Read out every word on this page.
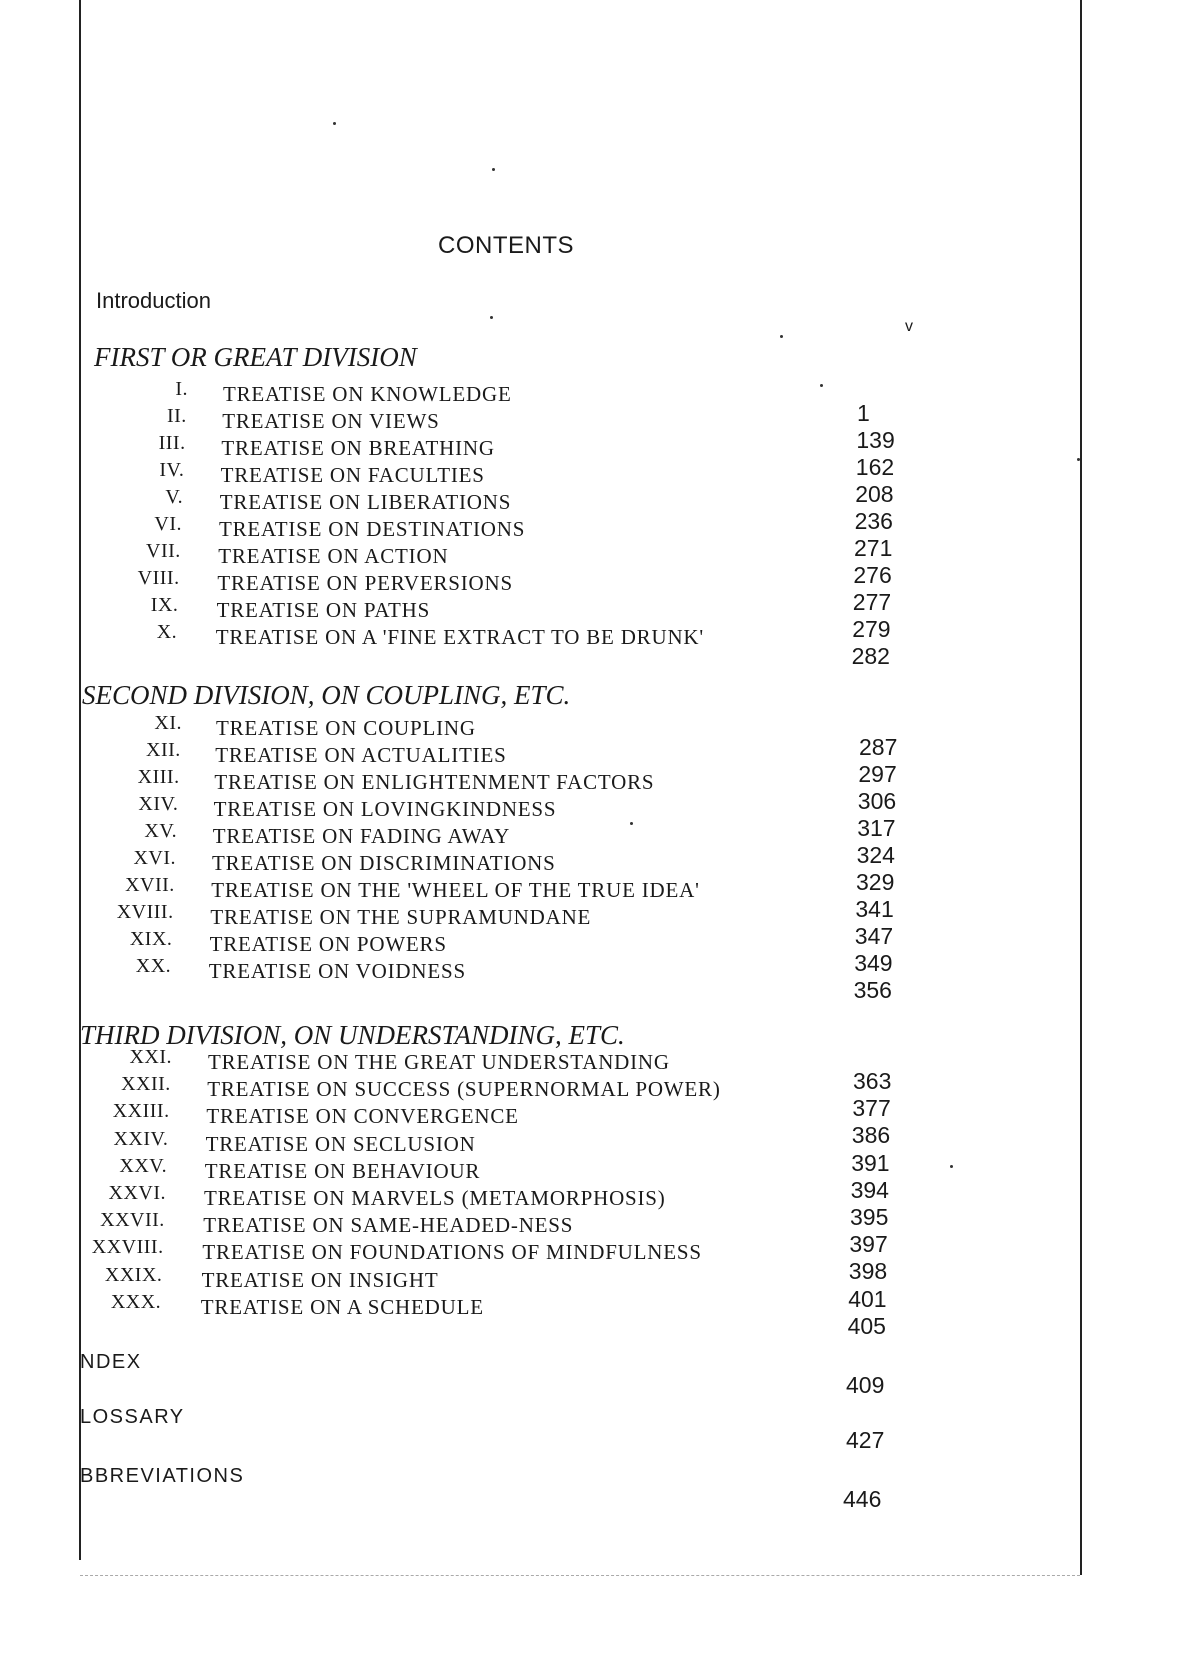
CONTENTS
Introduction
v
FIRST OR GREAT DIVISION
I. TREATISE ON KNOWLEDGE
1
II. TREATISE ON VIEWS
139
III. TREATISE ON BREATHING
162
IV. TREATISE ON FACULTIES
208
V. TREATISE ON LIBERATIONS
236
VI. TREATISE ON DESTINATIONS
271
VII. TREATISE ON ACTION
276
VIII. TREATISE ON PERVERSIONS
277
IX. TREATISE ON PATHS
279
X. TREATISE ON A 'FINE EXTRACT TO BE DRUNK'
282
SECOND DIVISION, ON COUPLING, ETC.
XI. TREATISE ON COUPLING
287
XII. TREATISE ON ACTUALITIES
297
XIII. TREATISE ON ENLIGHTENMENT FACTORS
306
XIV. TREATISE ON LOVINGKINDNESS
317
XV. TREATISE ON FADING AWAY
324
XVI. TREATISE ON DISCRIMINATIONS
329
XVII. TREATISE ON THE 'WHEEL OF THE TRUE IDEA'
341
XVIII. TREATISE ON THE SUPRAMUNDANE
347
XIX. TREATISE ON POWERS
349
XX. TREATISE ON VOIDNESS
356
THIRD DIVISION, ON UNDERSTANDING, ETC.
XXI. TREATISE ON THE GREAT UNDERSTANDING
363
XXII. TREATISE ON SUCCESS (SUPERNORMAL POWER)
377
XXIII. TREATISE ON CONVERGENCE
386
XXIV. TREATISE ON SECLUSION
391
XXV. TREATISE ON BEHAVIOUR
394
XXVI. TREATISE ON MARVELS (METAMORPHOSIS)
395
XXVII. TREATISE ON SAME-HEADED-NESS
397
XXVIII. TREATISE ON FOUNDATIONS OF MINDFULNESS
398
XXIX. TREATISE ON INSIGHT
401
XXX. TREATISE ON A SCHEDULE
405
NDEX
409
LOSSARY
427
BBREVIATIONS
446
